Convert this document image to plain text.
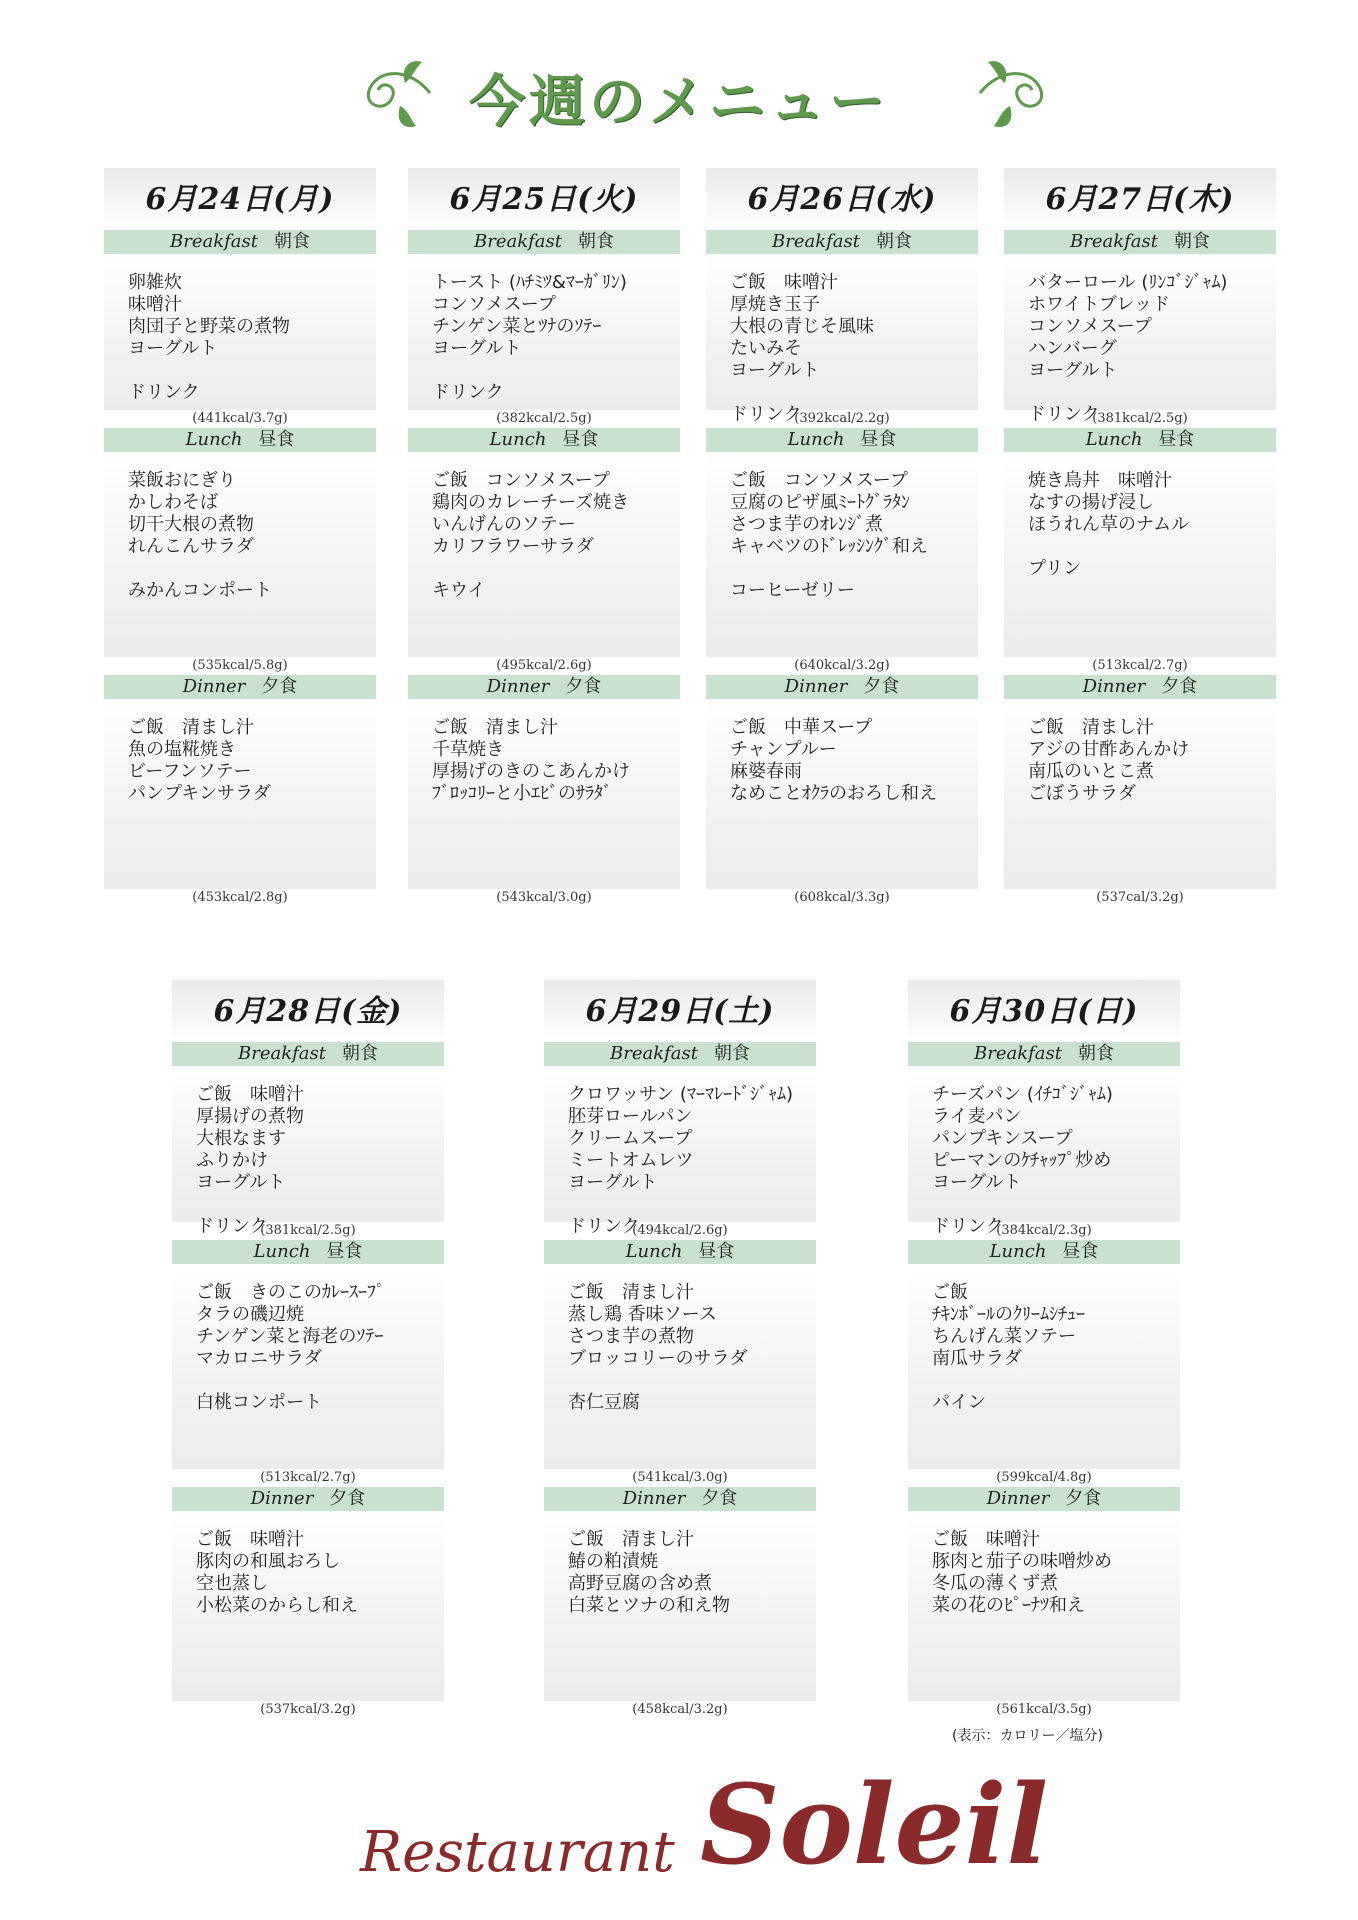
今週のメニュー
6月24日(月)
Breakfast 朝食
卵雑炊
味噌汁
肉団子と野菜の煮物
ヨーグルト
ドリンク
(441kcal/3.7g)
Lunch 昼食
菜飯おにぎり
かしわそば
切干大根の煮物
れんこんサラダ
みかんコンポート
(535kcal/5.8g)
Dinner 夕食
ご飯　清まし汁
魚の塩糀焼き
ビーフンソテー
パンプキンサラダ
(453kcal/2.8g)
6月25日(火)
Breakfast 朝食
トースト (ﾊﾁﾐﾂ&ﾏｰｶﾞﾘﾝ)
コンソメスープ
チンゲン菜とﾂﾅのｿﾃｰ
ヨーグルト
ドリンク
(382kcal/2.5g)
Lunch 昼食
ご飯　コンソメスープ
鶏肉のカレーチーズ焼き
いんげんのソテー
カリフラワーサラダ
キウイ
(495kcal/2.6g)
Dinner 夕食
ご飯　清まし汁
千草焼き
厚揚げのきのこあんかけ
ﾌﾞﾛｯｺﾘｰと小ｴﾋﾞのｻﾗﾀﾞ
(543kcal/3.0g)
6月26日(水)
Breakfast 朝食
ご飯　味噌汁
厚焼き玉子
大根の青じそ風味
たいみそ
ヨーグルト
ドリンク
(392kcal/2.2g)
Lunch 昼食
ご飯　コンソメスープ
豆腐のピザ風ﾐｰﾄｸﾞﾗﾀﾝ
さつま芋のｵﾚﾝｼﾞ煮
キャベツのﾄﾞﾚｯｼﾝｸﾞ和え
コーヒーゼリー
(640kcal/3.2g)
Dinner 夕食
ご飯　中華スープ
チャンプルー
麻婆春雨
なめことｵｸﾗのおろし和え
(608kcal/3.3g)
6月27日(木)
Breakfast 朝食
バターロール (ﾘﾝｺﾞｼﾞｬﾑ)
ホワイトブレッド
コンソメスープ
ハンバーグ
ヨーグルト
ドリンク
(381kcal/2.5g)
Lunch 昼食
焼き鳥丼　味噌汁
なすの揚げ浸し
ほうれん草のナムル
プリン
(513kcal/2.7g)
Dinner 夕食
ご飯　清まし汁
アジの甘酢あんかけ
南瓜のいとこ煮
ごぼうサラダ
(537cal/3.2g)
6月28日(金)
Breakfast 朝食
ご飯　味噌汁
厚揚げの煮物
大根なます
ふりかけ
ヨーグルト
ドリンク
(381kcal/2.5g)
Lunch 昼食
ご飯　きのこのｶﾚｰｽｰﾌﾟ
タラの磯辺焼
チンゲン菜と海老のｿﾃｰ
マカロニサラダ
白桃コンポート
(513kcal/2.7g)
Dinner 夕食
ご飯　味噌汁
豚肉の和風おろし
空也蒸し
小松菜のからし和え
(537kcal/3.2g)
6月29日(土)
Breakfast 朝食
クロワッサン (ﾏｰﾏﾚｰﾄﾞｼﾞｬﾑ)
胚芽ロールパン
クリームスープ
ミートオムレツ
ヨーグルト
ドリンク
(494kcal/2.6g)
Lunch 昼食
ご飯　清まし汁
蒸し鶏 香味ソース
さつま芋の煮物
ブロッコリーのサラダ
杏仁豆腐
(541kcal/3.0g)
Dinner 夕食
ご飯　清まし汁
鰆の粕漬焼
高野豆腐の含め煮
白菜とツナの和え物
(458kcal/3.2g)
6月30日(日)
Breakfast 朝食
チーズパン (ｲﾁｺﾞｼﾞｬﾑ)
ライ麦パン
パンプキンスープ
ピーマンのｹﾁｬｯﾌﾟ炒め
ヨーグルト
ドリンク
(384kcal/2.3g)
Lunch 昼食
ご飯
ﾁｷﾝﾎﾞｰﾙのｸﾘｰﾑｼﾁｭｰ
ちんげん菜ソテー
南瓜サラダ
パイン
(599kcal/4.8g)
Dinner 夕食
ご飯　味噌汁
豚肉と茄子の味噌炒め
冬瓜の薄くず煮
菜の花のﾋﾟｰﾅﾂ和え
(561kcal/3.5g)
(表示：カロリー／塩分)
Restaurant Soleil
